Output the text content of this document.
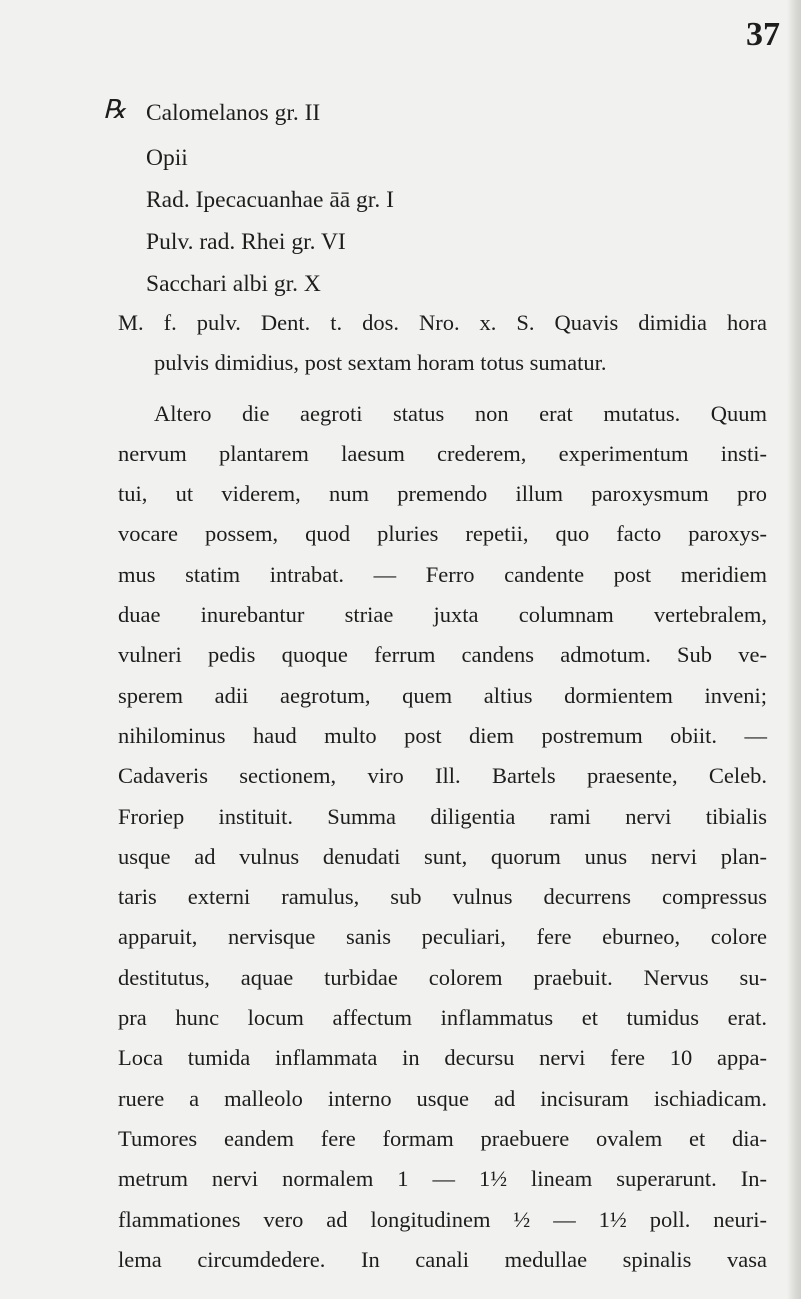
37
℞ Calomelanos gr. II
Opii
Rad. Ipecacuanhae āā gr. I
Pulv. rad. Rhei gr. VI
Sacchari albi gr. X

M. f. pulv. Dent. t. dos. Nro. x. S. Quavis dimidia hora
pulvis dimidius, post sextam horam totus sumatur.

Altero die aegroti status non erat mutatus. Quum
nervum plantarem laesum crederem, experimentum insti-
tui, ut viderem, num premendo illum paroxysmum pro
vocare possem, quod pluries repetii, quo facto paroxys-
mus statim intrabat. — Ferro candente post meridiem
duae inurebantur striae juxta columnam vertebralem,
vulneri pedis quoque ferrum candens admotum. Sub ve-
sperem adii aegrotum, quem altius dormientem inveni;
nihilominus haud multo post diem postremum obiit. —
Cadaveris sectionem, viro Ill. Bartels praesente, Celeb.
Froriep instituit. Summa diligentia rami nervi tibialis
usque ad vulnus denudati sunt, quorum unus nervi plan-
taris externi ramulus, sub vulnus decurrens compressus
apparuit, nervisque sanis peculiari, fere eburneo, colore
destitutus, aquae turbidae colorem praebuit. Nervus su-
pra hunc locum affectum inflammatus et tumidus erat.
Loca tumida inflammata in decursu nervi fere 10 appa-
ruere a malleolo interno usque ad incisuram ischiadicam.
Tumores eandem fere formam praebuere ovalem et dia-
metrum nervi normalem 1 — 1½ lineam superarunt. In-
flammationes vero ad longitudinem ½ — 1½ poll. neuri-
lema circumdedere. In canali medullae spinalis vasa
